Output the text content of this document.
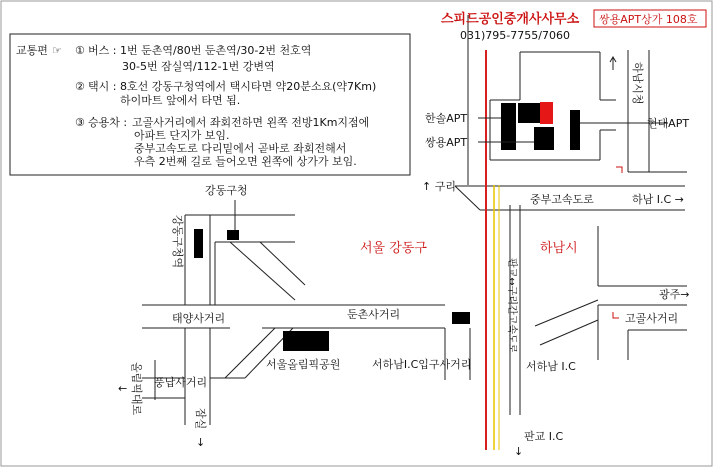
스피드공인중개사사무소
031)795-7755/7060
쌍용APT상가 108호
교통편 ☞ ① 버스 : 1번 둔촌역/80번 둔촌역/30-2번 천호역
30-5번 잠실역/112-1번 강변역
② 택시 : 8호선 강동구청역에서 택시타면 약20분소요(약7Km)
하이마트 앞에서 타면 됨.
③ 승용차 : 고골사거리에서 좌회전하면 왼쪽 전방1Km지점에
아파트 단지가 보임.
중부고속도로 다리밑에서 곧바로 좌회전해서
우측 2번째 길로 들어오면 왼쪽에 상가가 보임.
한솔APT
쌍용APT
현대APT
하남시청
↑ 구리
중부고속도로	하남 I.C →
강동구청
강동구청역	서울 강동구	하남시
판교↔구리간고속도로	광주→
고골사거리
태양사거리	둔촌사거리
서울올림픽공원	서하남I.C입구사거리	서하남 I.C
올림픽대로
← 풍납사거리
잠실
↓	판교 I.C
↓
